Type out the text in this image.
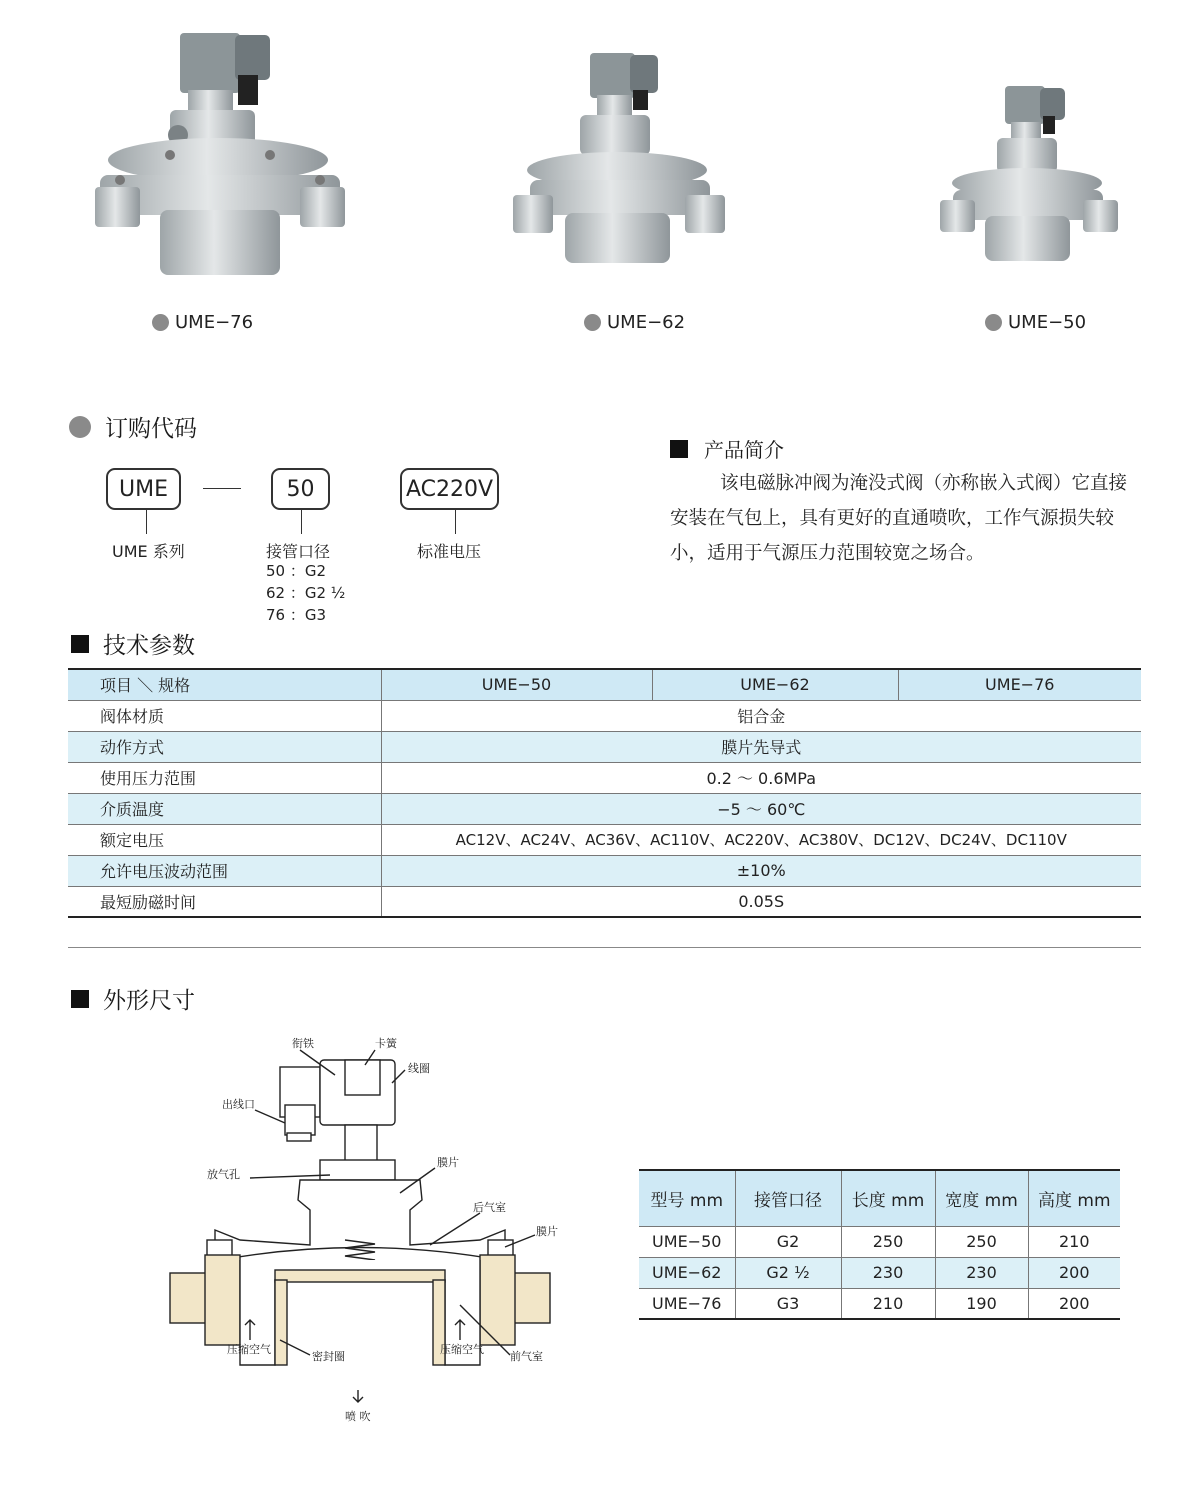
UME−76	UME−62	UME−50
订购代码
UME	50	AC220V
UME 系列	接管口径	标准电压
50 ：G2
62 ：G2 ½
76 ：G3
产品简介
该电磁脉冲阀为淹没式阀（亦称嵌入式阀）它直接安装在气包上，具有更好的直通喷吹，工作气源损失较小，适用于气源压力范围较宽之场合。
技术参数
项目 ＼ 规格	UME−50	UME−62	UME−76
阀体材质	铝合金		
动作方式	膜片先导式		
使用压力范围	0.2 ～ 0.6MPa		
介质温度	−5 ～ 60℃		
额定电压	AC12V、AC24V、AC36V、AC110V、AC220V、AC380V、DC12V、DC24V、DC110V		
允许电压波动范围	±10%		
最短励磁时间	0.05S		
外形尺寸
衔铁	卡簧
线圈
出线口
放气孔
膜片
后气室
膜片
压缩空气
密封圈
压缩空气
前气室
喷 吹
型号 mm	接管口径	长度 mm	宽度 mm	高度 mm
UME−50	G2	250	250	210
UME−62	G2 ½	230	230	200
UME−76	G3	210	190	200
